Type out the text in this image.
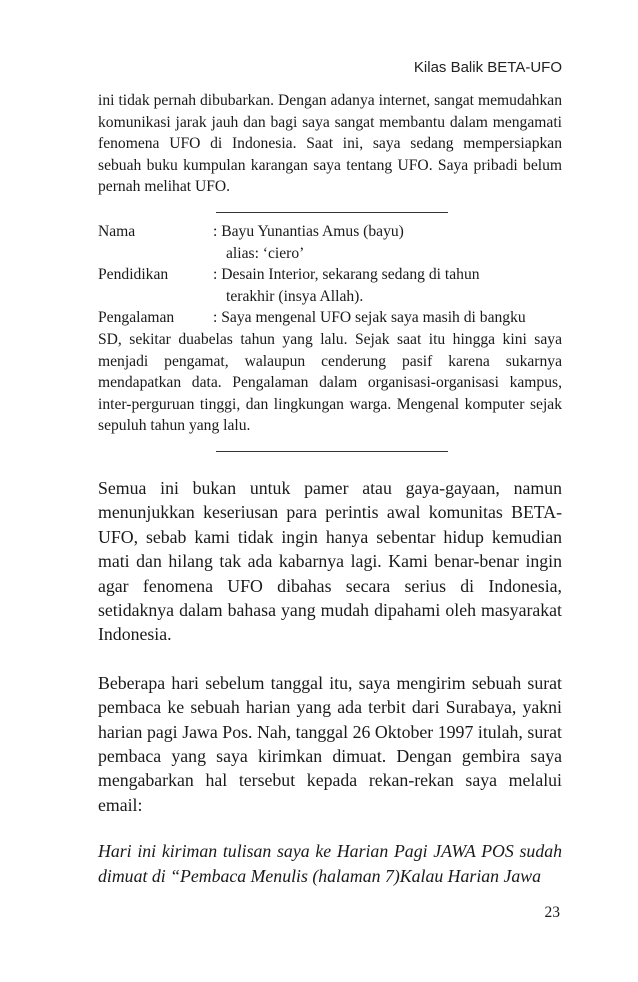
Kilas Balik BETA-UFO

ini tidak pernah dibubarkan. Dengan adanya internet, sangat memudahkan komunikasi jarak jauh dan bagi saya sangat membantu dalam mengamati fenomena UFO di Indonesia. Saat ini, saya sedang mempersiapkan sebuah buku kumpulan karangan saya tentang UFO. Saya pribadi belum pernah melihat UFO.

Nama	: Bayu Yunantias Amus (bayu)
alias: ‘ciero’
Pendidikan	: Desain Interior, sekarang sedang di tahun
terakhir (insya Allah).
Pengalaman	: Saya mengenal UFO sejak saya masih di bangku

SD, sekitar duabelas tahun yang lalu. Sejak saat itu hingga kini saya menjadi pengamat, walaupun cenderung pasif karena sukarnya mendapatkan data. Pengalaman dalam organisasi-organisasi kampus, inter-perguruan tinggi, dan lingkungan warga. Mengenal komputer sejak sepuluh tahun yang lalu.

Semua ini bukan untuk pamer atau gaya-gayaan, namun menunjukkan keseriusan para perintis awal komunitas BETA-UFO, sebab kami tidak ingin hanya sebentar hidup kemudian mati dan hilang tak ada kabarnya lagi. Kami benar-benar ingin agar fenomena UFO dibahas secara serius di Indonesia, setidaknya dalam bahasa yang mudah dipahami oleh masyarakat Indonesia.

Beberapa hari sebelum tanggal itu, saya mengirim sebuah surat pembaca ke sebuah harian yang ada terbit dari Surabaya, yakni harian pagi Jawa Pos. Nah, tanggal 26 Oktober 1997 itulah, surat pembaca yang saya kirimkan dimuat. Dengan gembira saya mengabarkan hal tersebut kepada rekan-rekan saya melalui email:

Hari ini kiriman tulisan saya ke Harian Pagi JAWA POS sudah dimuat di “Pembaca Menulis (halaman 7)Kalau Harian Jawa

23
